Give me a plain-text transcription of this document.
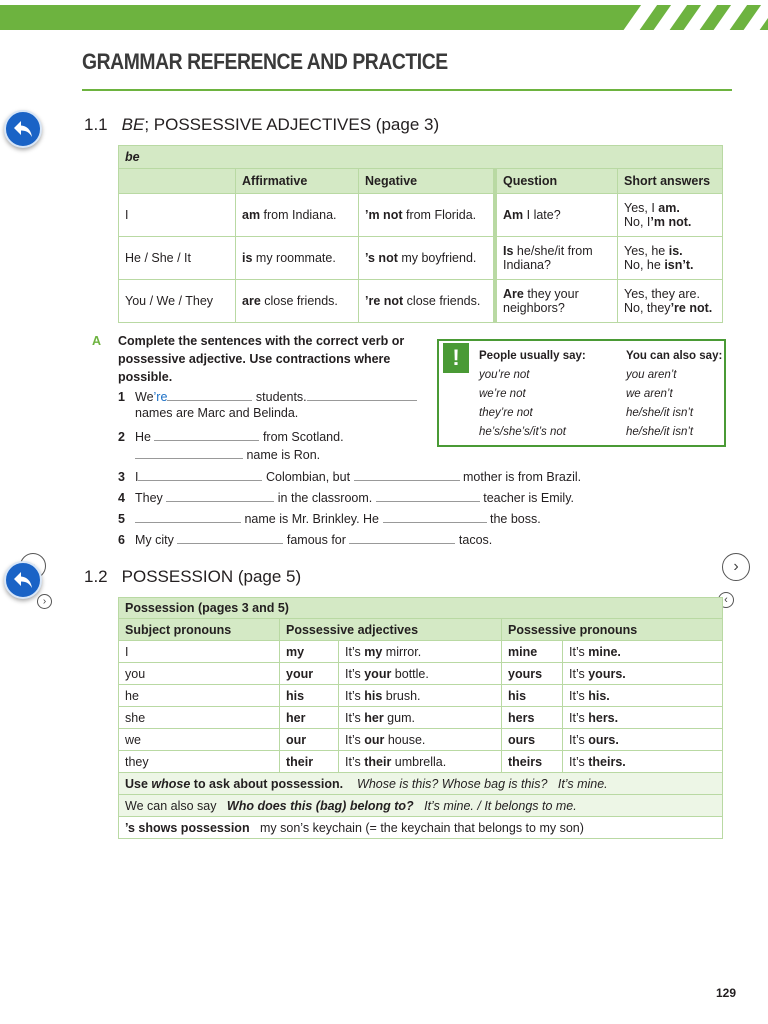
GRAMMAR REFERENCE AND PRACTICE
›
›
‹
1.1 BE; POSSESSIVE ADJECTIVES (page 3)
be				
	Affirmative	Negative	Question	Short answers
I	am from Indiana.	’m not from Florida.	Am I late?	Yes, I am.
No, I’m not.
He / She / It	is my roommate.	’s not my boyfriend.	Is he/she/it from Indiana?	Yes, he is.
No, he isn’t.
You / We / They	are close friends.	’re not close friends.	Are they your neighbors?	Yes, they are.
No, they’re not.
A Complete the sentences with the correct verb or possessive adjective. Use contractions where possible.
1 We’re	students.
names are Marc and Belinda.
2 He	from Scotland.
name is Ron.
3 I	Colombian, but	mother is from Brazil.
4 They	in the classroom.	teacher is Emily.
5	name is Mr. Brinkley. He	the boss.
6 My city	famous for	tacos.
!	People usually say:
you’re not
we’re not
they’re not
he’s/she’s/it’s not
You can also say:
you aren’t
we aren’t
he/she/it isn’t
he/she/it isn’t
1.2 POSSESSION (page 5)
Possession (pages 3 and 5)				
Subject pronouns	Possessive adjectives		Possessive pronouns	
I	my	It’s my mirror.	mine	It’s mine.
you	your	It’s your bottle.	yours	It’s yours.
he	his	It’s his brush.	his	It’s his.
she	her	It’s her gum.	hers	It’s hers.
we	our	It’s our house.	ours	It’s ours.
they	their	It’s their umbrella.	theirs	It’s theirs.
Use whose to ask about possession. Whose is this? Whose bag is this? It’s mine.				
We can also say Who does this (bag) belong to? It’s mine. / It belongs to me.				
’s shows possession my son’s keychain (= the keychain that belongs to my son)				
129
